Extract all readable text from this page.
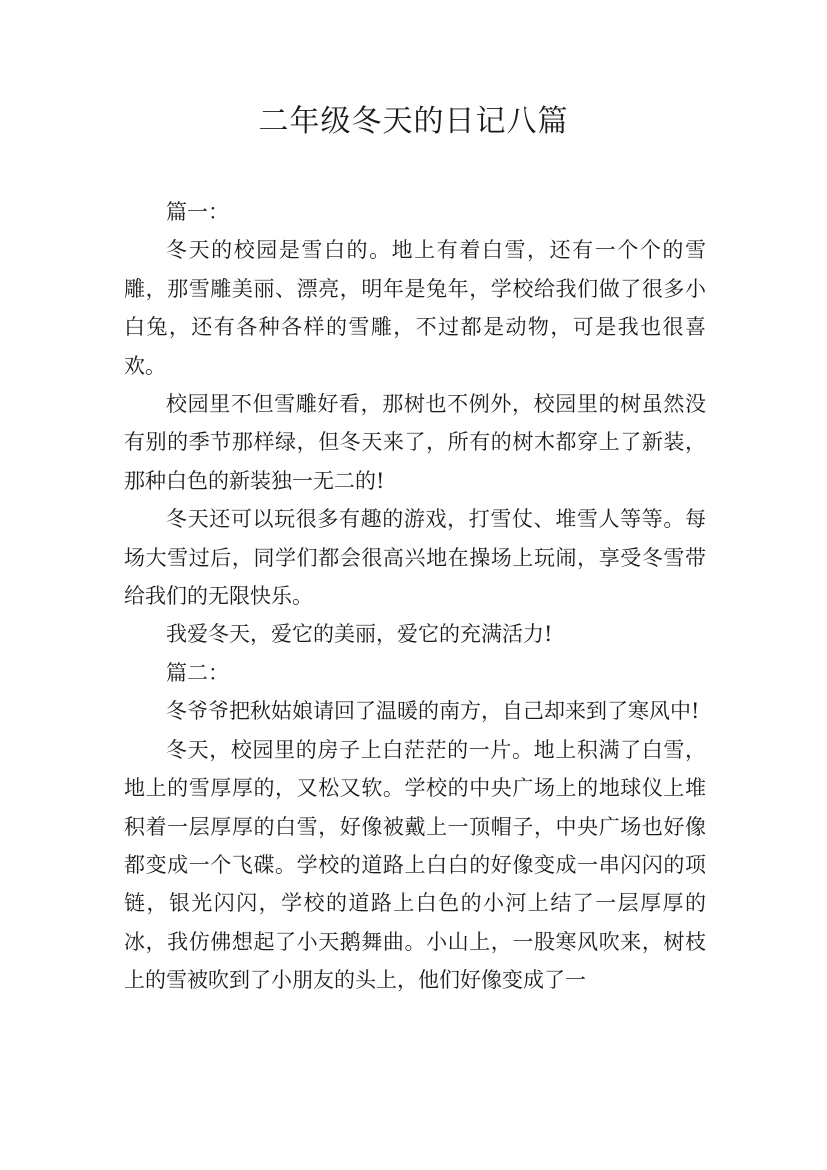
二年级冬天的日记八篇

篇一：

冬天的校园是雪白的。地上有着白雪，还有一个个的雪雕，那雪雕美丽、漂亮，明年是兔年，学校给我们做了很多小白兔，还有各种各样的雪雕，不过都是动物，可是我也很喜欢。

校园里不但雪雕好看，那树也不例外，校园里的树虽然没有别的季节那样绿，但冬天来了，所有的树木都穿上了新装，那种白色的新装独一无二的!

冬天还可以玩很多有趣的游戏，打雪仗、堆雪人等等。每场大雪过后，同学们都会很高兴地在操场上玩闹，享受冬雪带给我们的无限快乐。

我爱冬天，爱它的美丽，爱它的充满活力!

篇二：

冬爷爷把秋姑娘请回了温暖的南方，自己却来到了寒风中!

冬天，校园里的房子上白茫茫的一片。地上积满了白雪，地上的雪厚厚的，又松又软。学校的中央广场上的地球仪上堆积着一层厚厚的白雪，好像被戴上一顶帽子，中央广场也好像都变成一个飞碟。学校的道路上白白的好像变成一串闪闪的项链，银光闪闪，学校的道路上白色的小河上结了一层厚厚的冰，我仿佛想起了小天鹅舞曲。小山上，一股寒风吹来，树枝上的雪被吹到了小朋友的头上，他们好像变成了一
